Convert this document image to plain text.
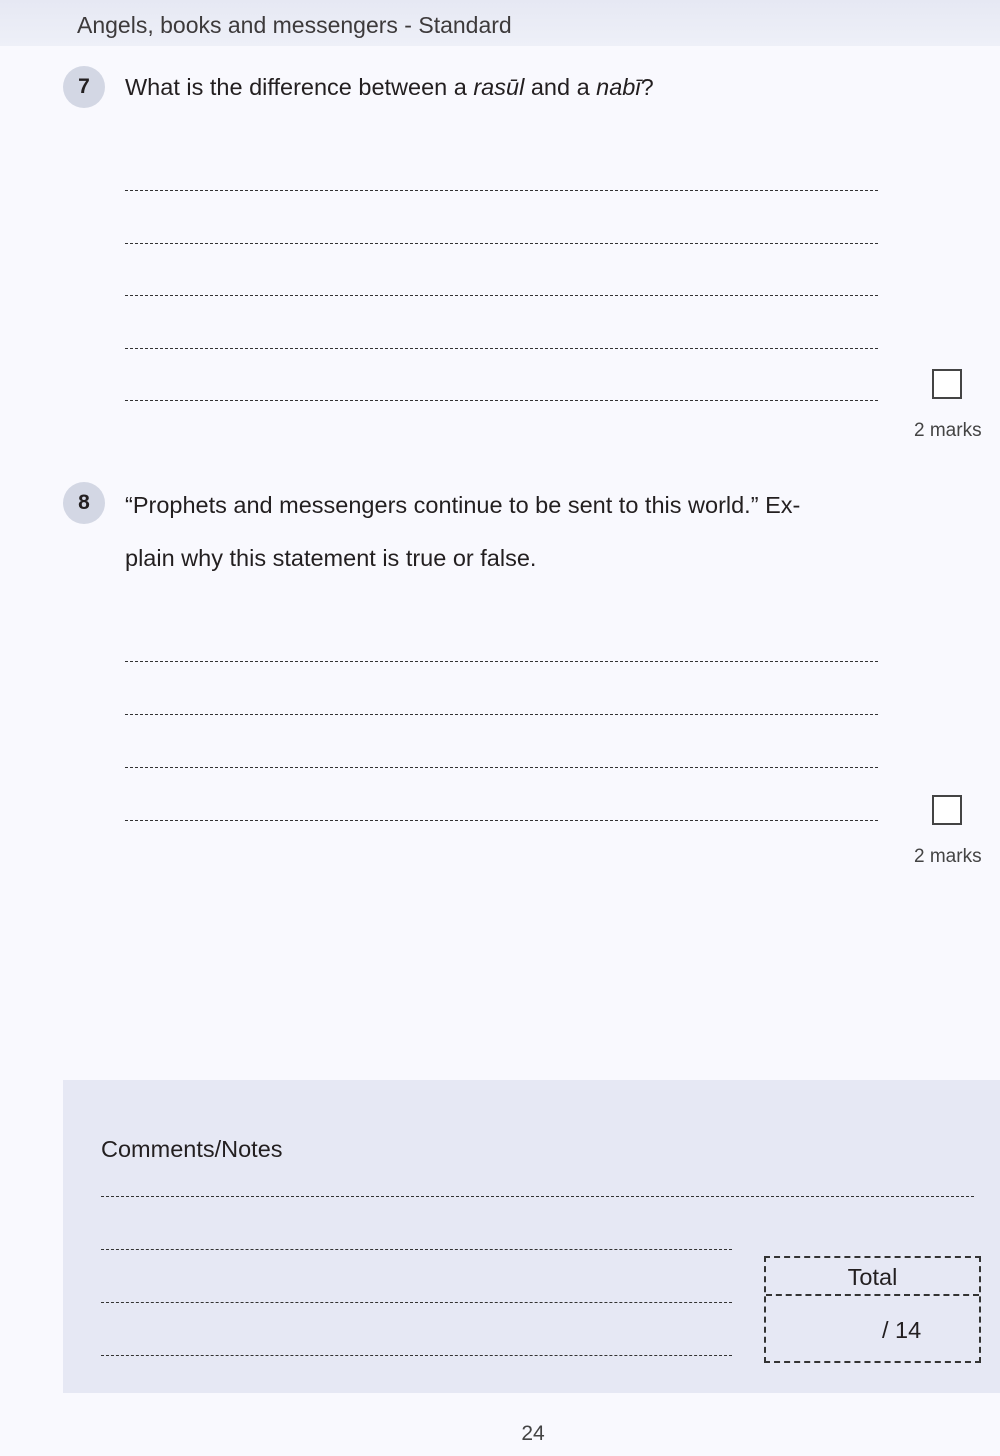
Angels, books and messengers - Standard
7	What is the difference between a rasūl and a nabī?
2 marks
8	“Prophets and messengers continue to be sent to this world.” Ex-
plain why this statement is true or false.
2 marks
Comments/Notes
Total
/ 14
24
